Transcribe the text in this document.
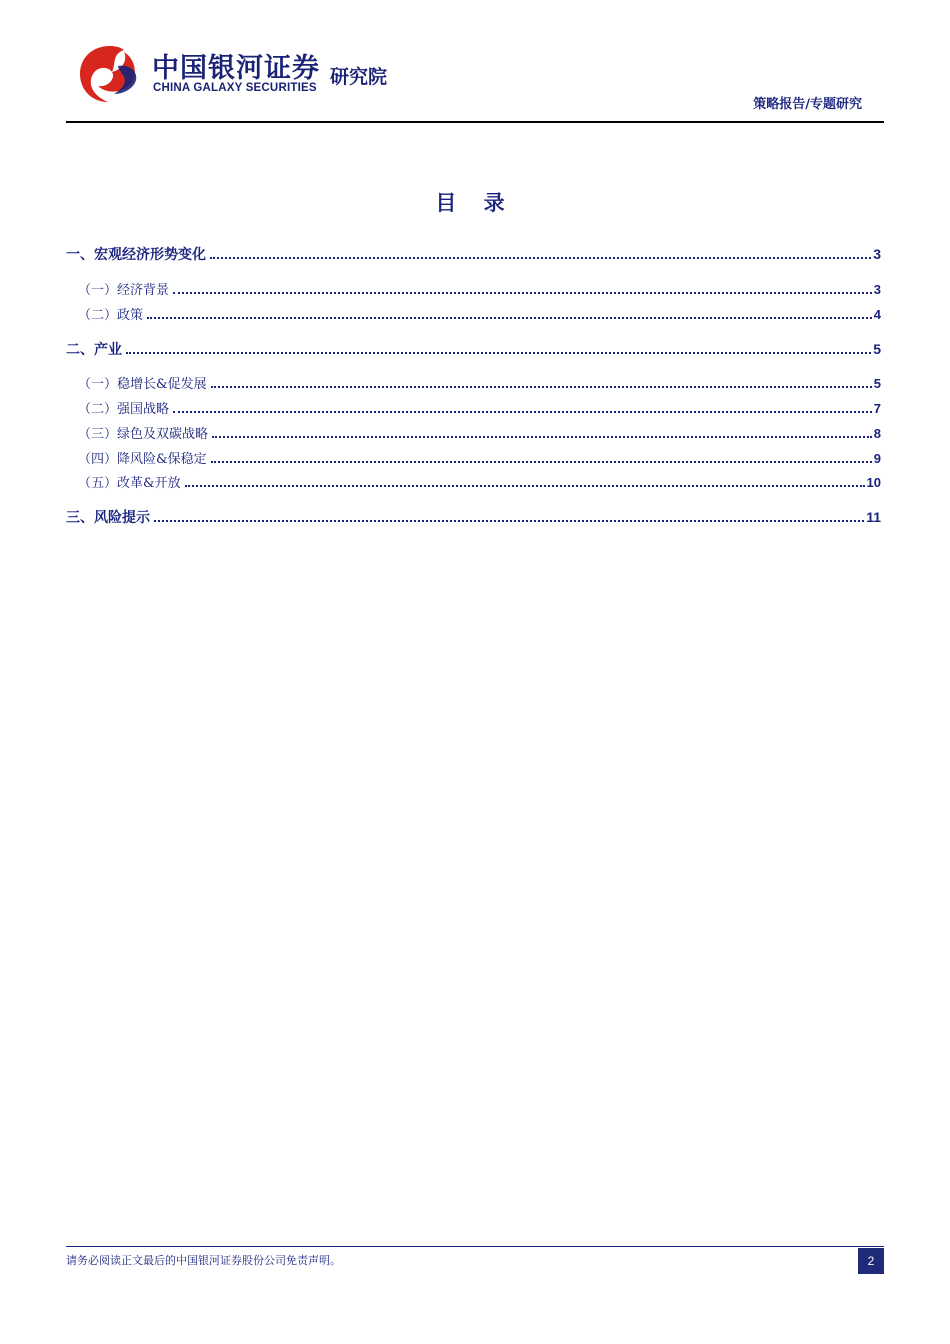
中国银河证券
CHINA GALAXY SECURITIES 研究院
策略报告/专题研究
目 录
一、宏观经济形势变化	3
（一）经济背景	3
（二）政策	4
二、产业	5
（一）稳增长&促发展	5
（二）强国战略	7
（三）绿色及双碳战略	8
（四）降风险&保稳定	9
（五）改革&开放	10
三、风险提示	11
请务必阅读正文最后的中国银河证券股份公司免责声明。	2
